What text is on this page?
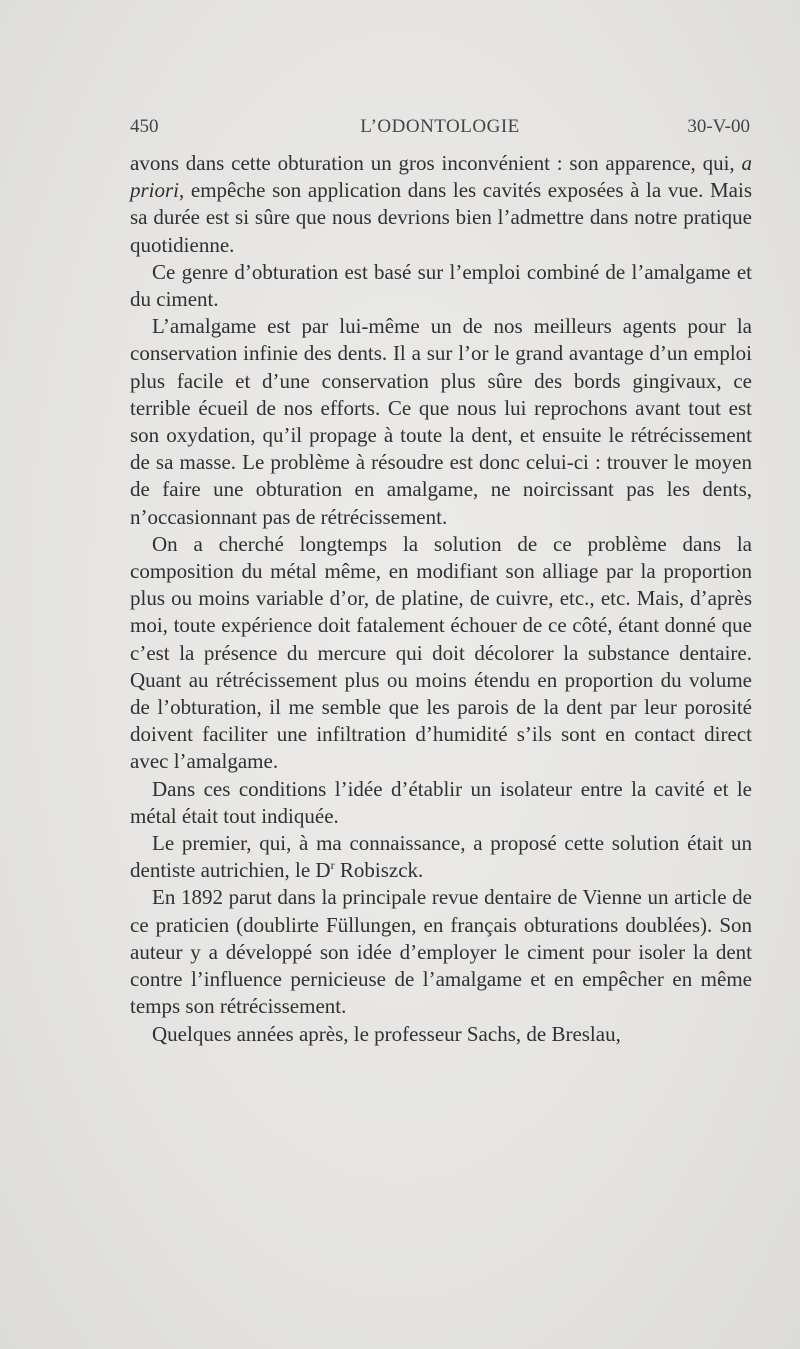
450	L’ODONTOLOGIE	30-V-00

avons dans cette obturation un gros inconvénient : son apparence, qui, a priori, empêche son application dans les cavités exposées à la vue. Mais sa durée est si sûre que nous devrions bien l’admettre dans notre pratique quotidienne.

Ce genre d’obturation est basé sur l’emploi combiné de l’amalgame et du ciment.

L’amalgame est par lui-même un de nos meilleurs agents pour la conservation infinie des dents. Il a sur l’or le grand avantage d’un emploi plus facile et d’une conservation plus sûre des bords gingivaux, ce terrible écueil de nos efforts. Ce que nous lui reprochons avant tout est son oxydation, qu’il propage à toute la dent, et ensuite le rétrécissement de sa masse. Le problème à résoudre est donc celui-ci : trouver le moyen de faire une obturation en amalgame, ne noircissant pas les dents, n’occasionnant pas de rétrécissement.

On a cherché longtemps la solution de ce problème dans la composition du métal même, en modifiant son alliage par la proportion plus ou moins variable d’or, de platine, de cuivre, etc., etc. Mais, d’après moi, toute expérience doit fatalement échouer de ce côté, étant donné que c’est la présence du mercure qui doit décolorer la substance dentaire. Quant au rétrécissement plus ou moins étendu en proportion du volume de l’obturation, il me semble que les parois de la dent par leur porosité doivent faciliter une infiltration d’humidité s’ils sont en contact direct avec l’amalgame.

Dans ces conditions l’idée d’établir un isolateur entre la cavité et le métal était tout indiquée.

Le premier, qui, à ma connaissance, a proposé cette solution était un dentiste autrichien, le $D^r$ Robiszck.

En 1892 parut dans la principale revue dentaire de Vienne un article de ce praticien (doublirte Füllungen, en français obturations doublées). Son auteur y a développé son idée d’employer le ciment pour isoler la dent contre l’influence pernicieuse de l’amalgame et en empêcher en même temps son rétrécissement.

Quelques années après, le professeur Sachs, de Breslau,
